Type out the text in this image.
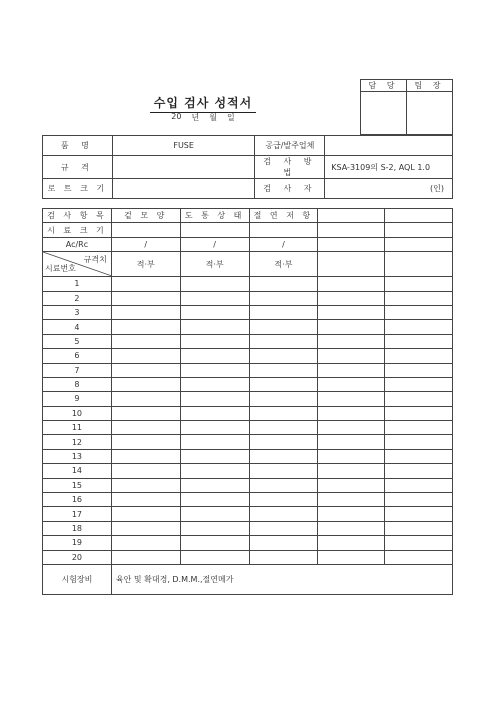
수입 검사 성적서
20 년 월 일
담 당	팀 장

품 명	FUSE	공급/발주업체	
규 격		검 사 방 법	KSA-3109의 S-2, AQL 1.0
로 트 크 기		검 사 자	(인)
검 사 항 목	겉 모 양	도 통 상 태	절 연 저 항		
시 료 크 기					
Ac/Rc	/	/	/		

규격치
시료번호	적·부	적·부	적·부		
1					
2					
3					
4					
5					
6					
7					
8					
9					
10					
11					
12					
13					
14					
15					
16					
17					
18					
19					
20					
시험장비	육안 및 확대경, D.M.M.,절연메가				
